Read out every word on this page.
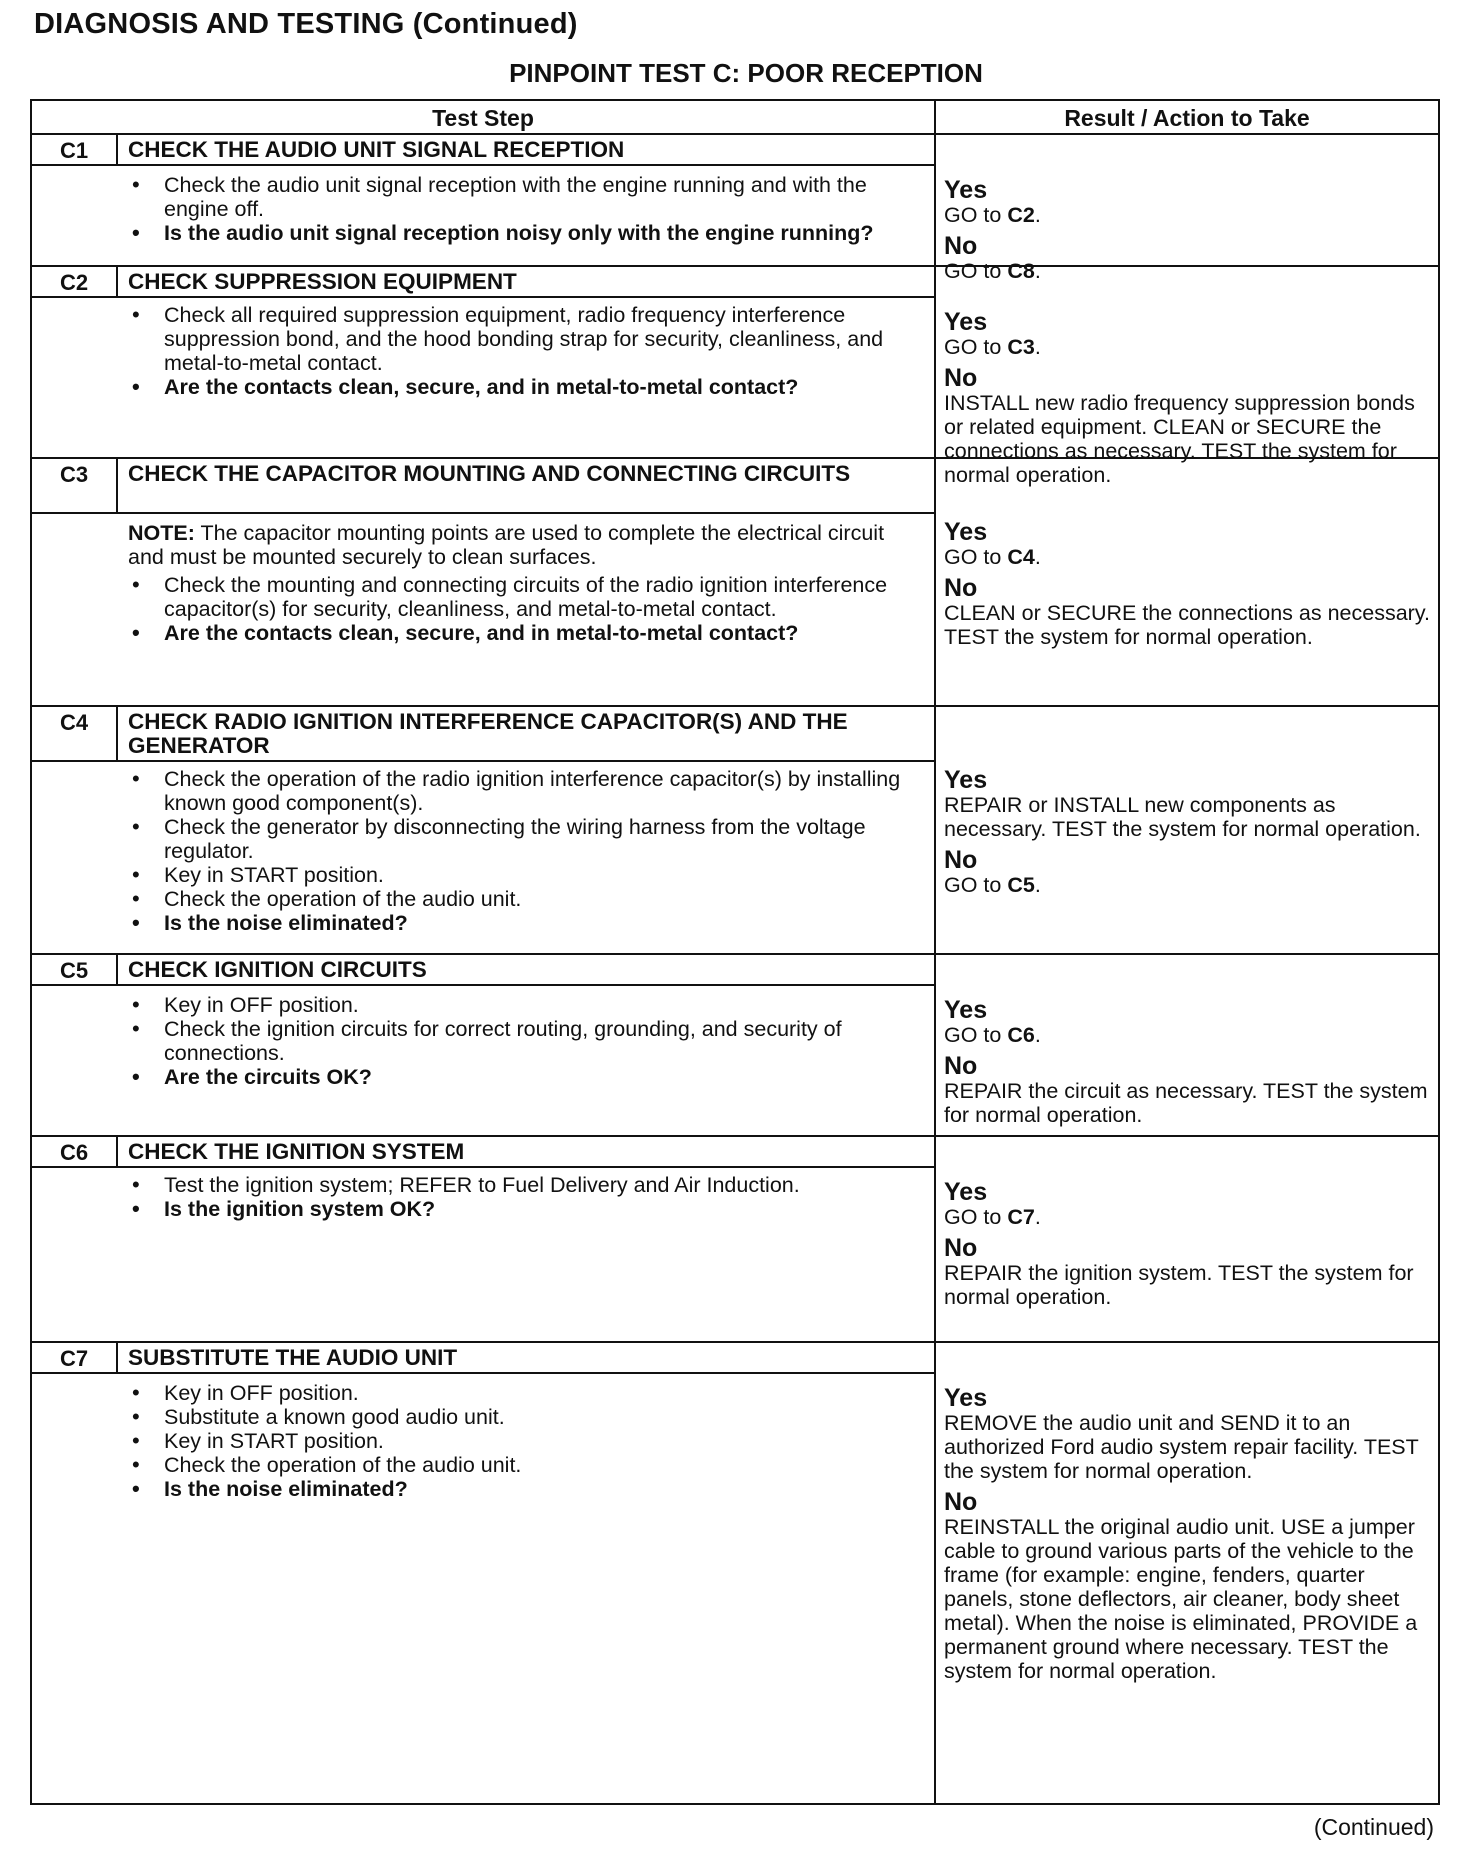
DIAGNOSIS AND TESTING (Continued)
PINPOINT TEST C: POOR RECEPTION
Test Step	Result / Action to Take
C1	CHECK THE AUDIO UNIT SIGNAL RECEPTION
• Check the audio unit signal reception with the engine running and with the engine off.
• Is the audio unit signal reception noisy only with the engine running?
Yes
GO to C2.
No
GO to C8.
C2	CHECK SUPPRESSION EQUIPMENT
• Check all required suppression equipment, radio frequency interference suppression bond, and the hood bonding strap for security, cleanliness, and metal-to-metal contact.
• Are the contacts clean, secure, and in metal-to-metal contact?
Yes
GO to C3.
No
INSTALL new radio frequency suppression bonds or related equipment. CLEAN or SECURE the connections as necessary. TEST the system for normal operation.
C3	CHECK THE CAPACITOR MOUNTING AND CONNECTING CIRCUITS
NOTE: The capacitor mounting points are used to complete the electrical circuit and must be mounted securely to clean surfaces.
• Check the mounting and connecting circuits of the radio ignition interference capacitor(s) for security, cleanliness, and metal-to-metal contact.
• Are the contacts clean, secure, and in metal-to-metal contact?
Yes
GO to C4.
No
CLEAN or SECURE the connections as necessary. TEST the system for normal operation.
C4	CHECK RADIO IGNITION INTERFERENCE CAPACITOR(S) AND THE GENERATOR
• Check the operation of the radio ignition interference capacitor(s) by installing known good component(s).
• Check the generator by disconnecting the wiring harness from the voltage regulator.
• Key in START position.
• Check the operation of the audio unit.
• Is the noise eliminated?
Yes
REPAIR or INSTALL new components as necessary. TEST the system for normal operation.
No
GO to C5.
C5	CHECK IGNITION CIRCUITS
• Key in OFF position.
• Check the ignition circuits for correct routing, grounding, and security of connections.
• Are the circuits OK?
Yes
GO to C6.
No
REPAIR the circuit as necessary. TEST the system for normal operation.
C6	CHECK THE IGNITION SYSTEM
• Test the ignition system; REFER to Fuel Delivery and Air Induction.
• Is the ignition system OK?
Yes
GO to C7.
No
REPAIR the ignition system. TEST the system for normal operation.
C7	SUBSTITUTE THE AUDIO UNIT
• Key in OFF position.
• Substitute a known good audio unit.
• Key in START position.
• Check the operation of the audio unit.
• Is the noise eliminated?
Yes
REMOVE the audio unit and SEND it to an authorized Ford audio system repair facility. TEST the system for normal operation.
No
REINSTALL the original audio unit. USE a jumper cable to ground various parts of the vehicle to the frame (for example: engine, fenders, quarter panels, stone deflectors, air cleaner, body sheet metal). When the noise is eliminated, PROVIDE a permanent ground where necessary. TEST the system for normal operation.
(Continued)
